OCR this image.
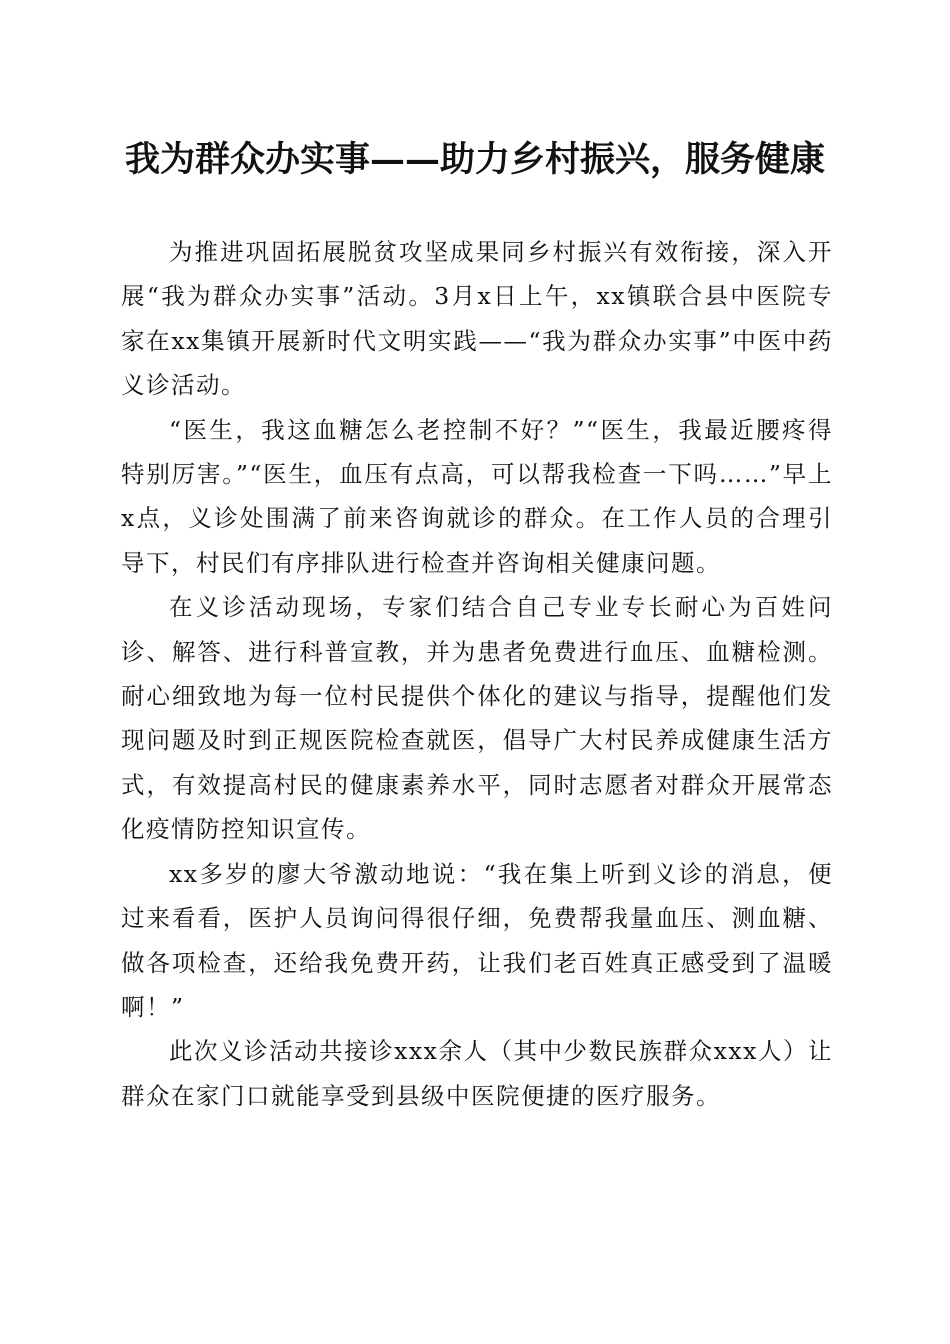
我为群众办实事——助力乡村振兴，服务健康

为推进巩固拓展脱贫攻坚成果同乡村振兴有效衔接，深入开展“我为群众办实事”活动。3月x日上午，xx镇联合县中医院专家在xx集镇开展新时代文明实践——“我为群众办实事”中医中药义诊活动。

“医生，我这血糖怎么老控制不好？”“医生，我最近腰疼得特别厉害。”“医生，血压有点高，可以帮我检查一下吗……”早上x点，义诊处围满了前来咨询就诊的群众。在工作人员的合理引导下，村民们有序排队进行检查并咨询相关健康问题。

在义诊活动现场，专家们结合自己专业专长耐心为百姓问诊、解答、进行科普宣教，并为患者免费进行血压、血糖检测。耐心细致地为每一位村民提供个体化的建议与指导，提醒他们发现问题及时到正规医院检查就医，倡导广大村民养成健康生活方式，有效提高村民的健康素养水平，同时志愿者对群众开展常态化疫情防控知识宣传。

xx多岁的廖大爷激动地说：“我在集上听到义诊的消息，便过来看看，医护人员询问得很仔细，免费帮我量血压、测血糖、做各项检查，还给我免费开药，让我们老百姓真正感受到了温暖啊！”

此次义诊活动共接诊xxx余人（其中少数民族群众xxx人）让群众在家门口就能享受到县级中医院便捷的医疗服务。
